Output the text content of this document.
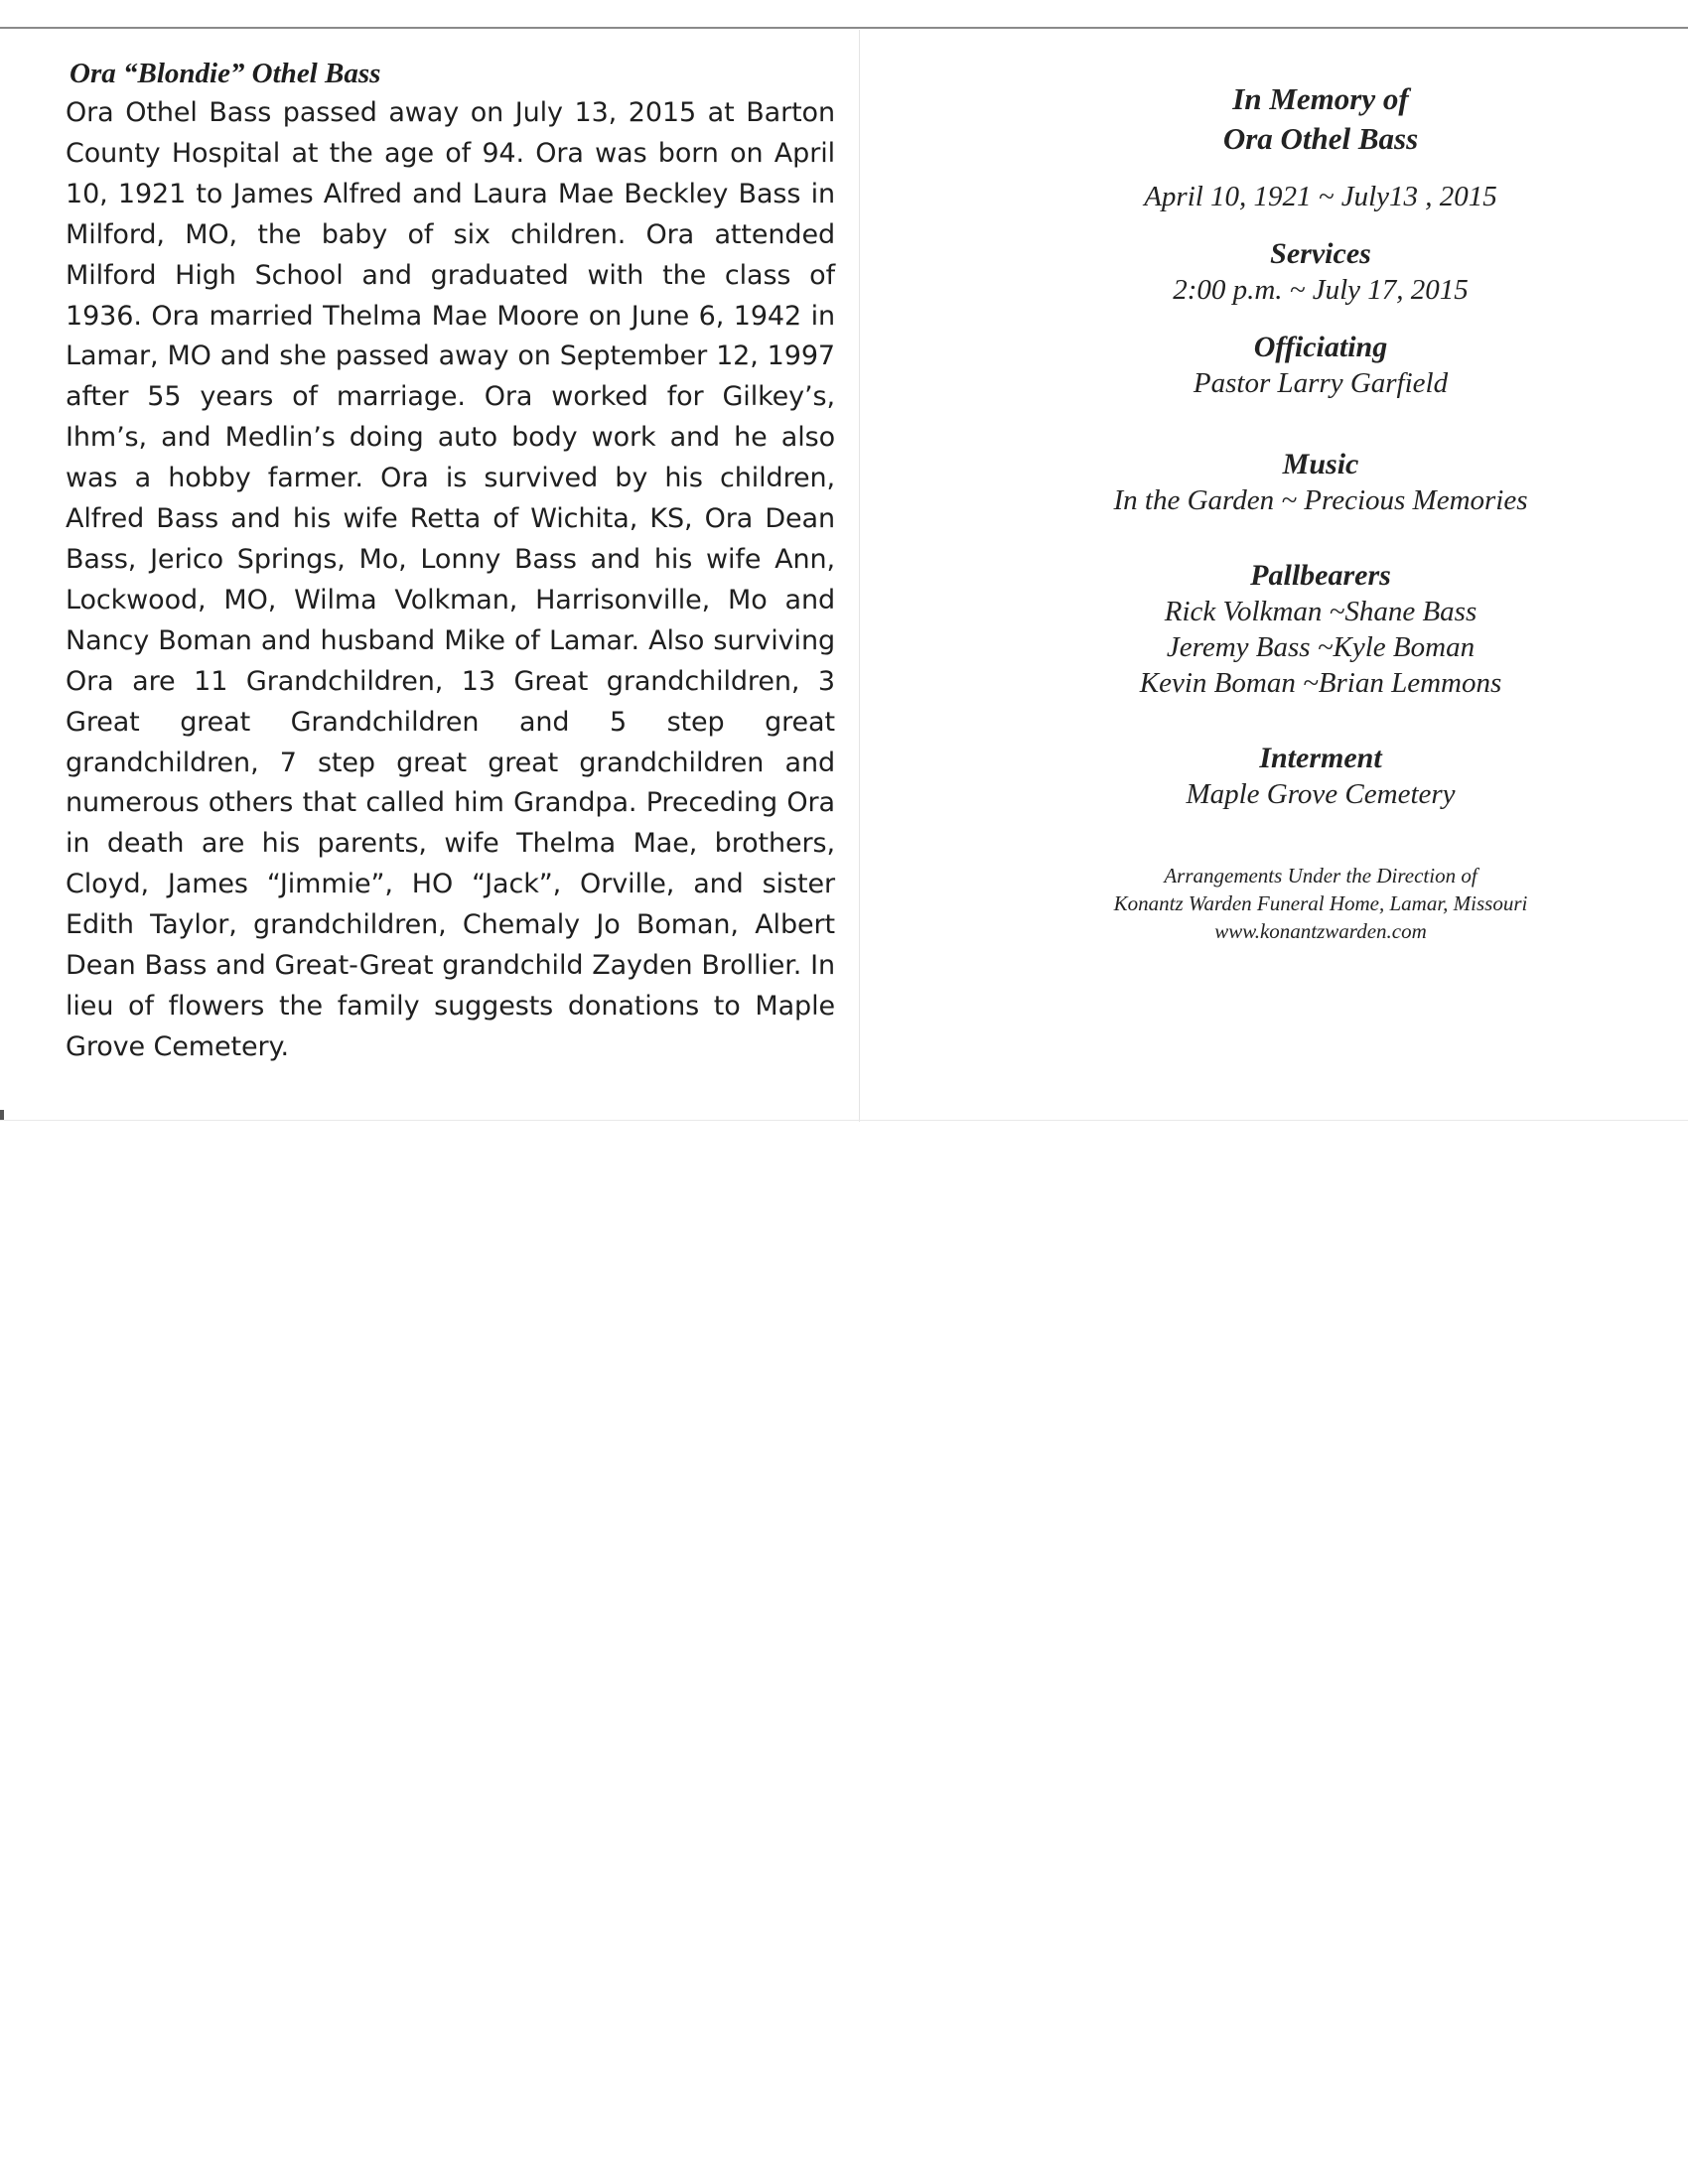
Ora “Blondie” Othel Bass

Ora Othel Bass passed away on July 13, 2015 at Barton County Hospital at the age of 94. Ora was born on April 10, 1921 to James Alfred and Laura Mae Beckley Bass in Milford, MO, the baby of six children. Ora attended Milford High School and graduated with the class of 1936. Ora married Thelma Mae Moore on June 6, 1942 in Lamar, MO and she passed away on September 12, 1997 after 55 years of marriage. Ora worked for Gilkey’s, Ihm’s, and Medlin’s doing auto body work and he also was a hobby farmer. Ora is survived by his children, Alfred Bass and his wife Retta of Wichita, KS, Ora Dean Bass, Jerico Springs, Mo, Lonny Bass and his wife Ann, Lockwood, MO, Wilma Volkman, Harrisonville, Mo and Nancy Boman and husband Mike of Lamar. Also surviving Ora are 11 Grandchildren, 13 Great grandchildren, 3 Great great Grandchildren and 5 step great grandchildren, 7 step great great grandchildren and numerous others that called him Grandpa. Preceding Ora in death are his parents, wife Thelma Mae, brothers, Cloyd, James “Jimmie”, HO “Jack”, Orville, and sister Edith Taylor, grandchildren, Chemaly Jo Boman, Albert Dean Bass and Great-Great grandchild Zayden Brollier. In lieu of flowers the family suggests donations to Maple Grove Cemetery.

In Memory of

Ora Othel Bass

April 10, 1921 ~ July13 , 2015

Services

2:00 p.m. ~ July 17, 2015

Officiating

Pastor Larry Garfield

Music

In the Garden ~ Precious Memories

Pallbearers

Rick Volkman ~Shane Bass

Jeremy Bass ~Kyle Boman

Kevin Boman ~Brian Lemmons

Interment

Maple Grove Cemetery

Arrangements Under the Direction of

Konantz Warden Funeral Home, Lamar, Missouri

www.konantzwarden.com
